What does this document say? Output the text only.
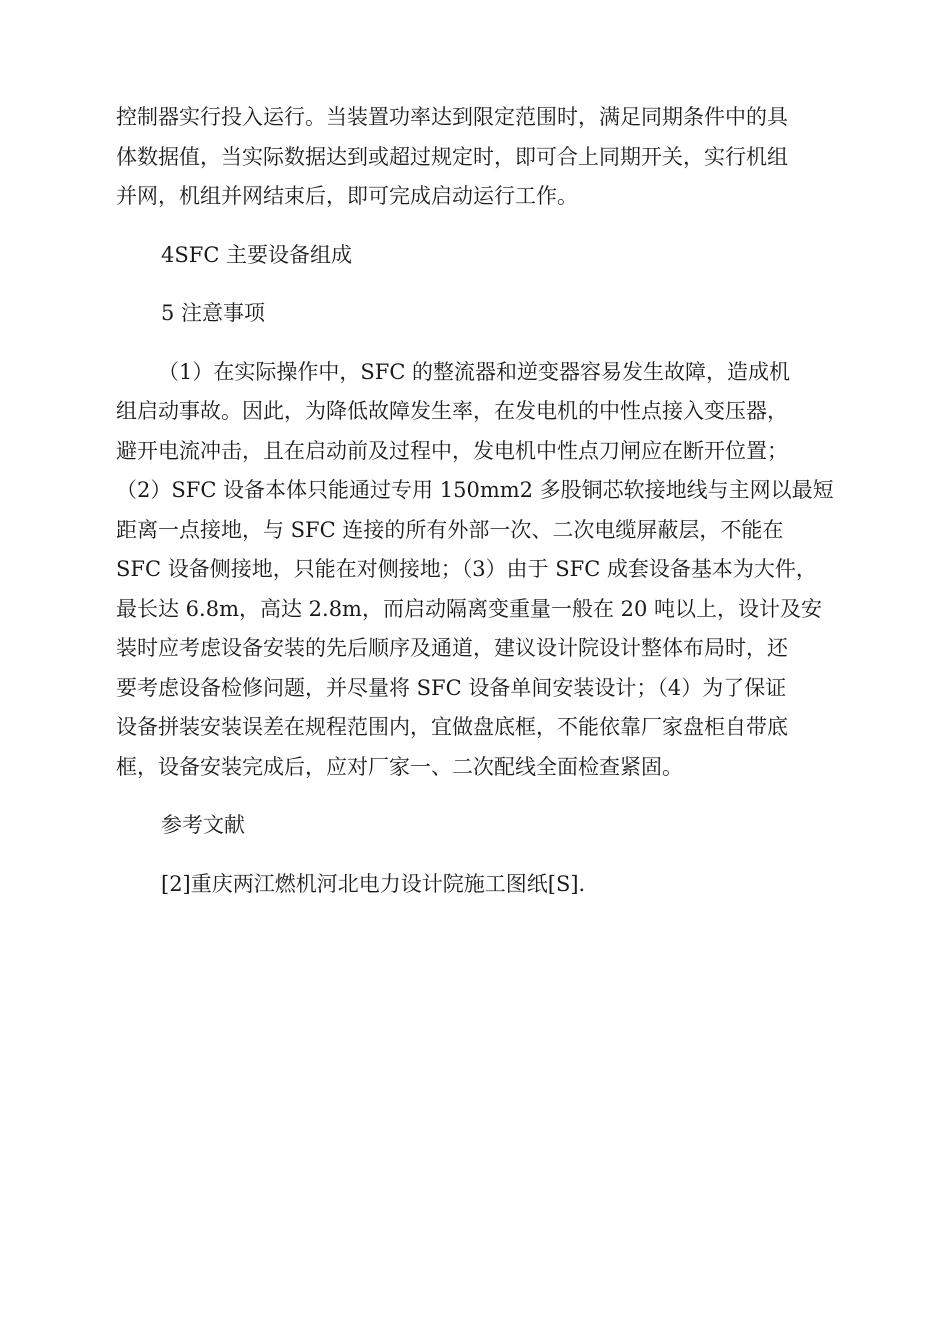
控制器实行投入运行。当装置功率达到限定范围时，满足同期条件中的具
体数据值，当实际数据达到或超过规定时，即可合上同期开关，实行机组
并网，机组并网结束后，即可完成启动运行工作。
4SFC 主要设备组成
5 注意事项
（1）在实际操作中，SFC 的整流器和逆变器容易发生故障，造成机
组启动事故。因此，为降低故障发生率，在发电机的中性点接入变压器，
避开电流冲击，且在启动前及过程中，发电机中性点刀闸应在断开位置；
（2）SFC 设备本体只能通过专用 150mm2 多股铜芯软接地线与主网以最短
距离一点接地，与 SFC 连接的所有外部一次、二次电缆屏蔽层，不能在
SFC 设备侧接地，只能在对侧接地；（3）由于 SFC 成套设备基本为大件，
最长达 6.8m，高达 2.8m，而启动隔离变重量一般在 20 吨以上，设计及安
装时应考虑设备安装的先后顺序及通道，建议设计院设计整体布局时，还
要考虑设备检修问题，并尽量将 SFC 设备单间安装设计；（4）为了保证
设备拼装安装误差在规程范围内，宜做盘底框，不能依靠厂家盘柜自带底
框，设备安装完成后，应对厂家一、二次配线全面检查紧固。
参考文献
[2]重庆两江燃机河北电力设计院施工图纸[S].
